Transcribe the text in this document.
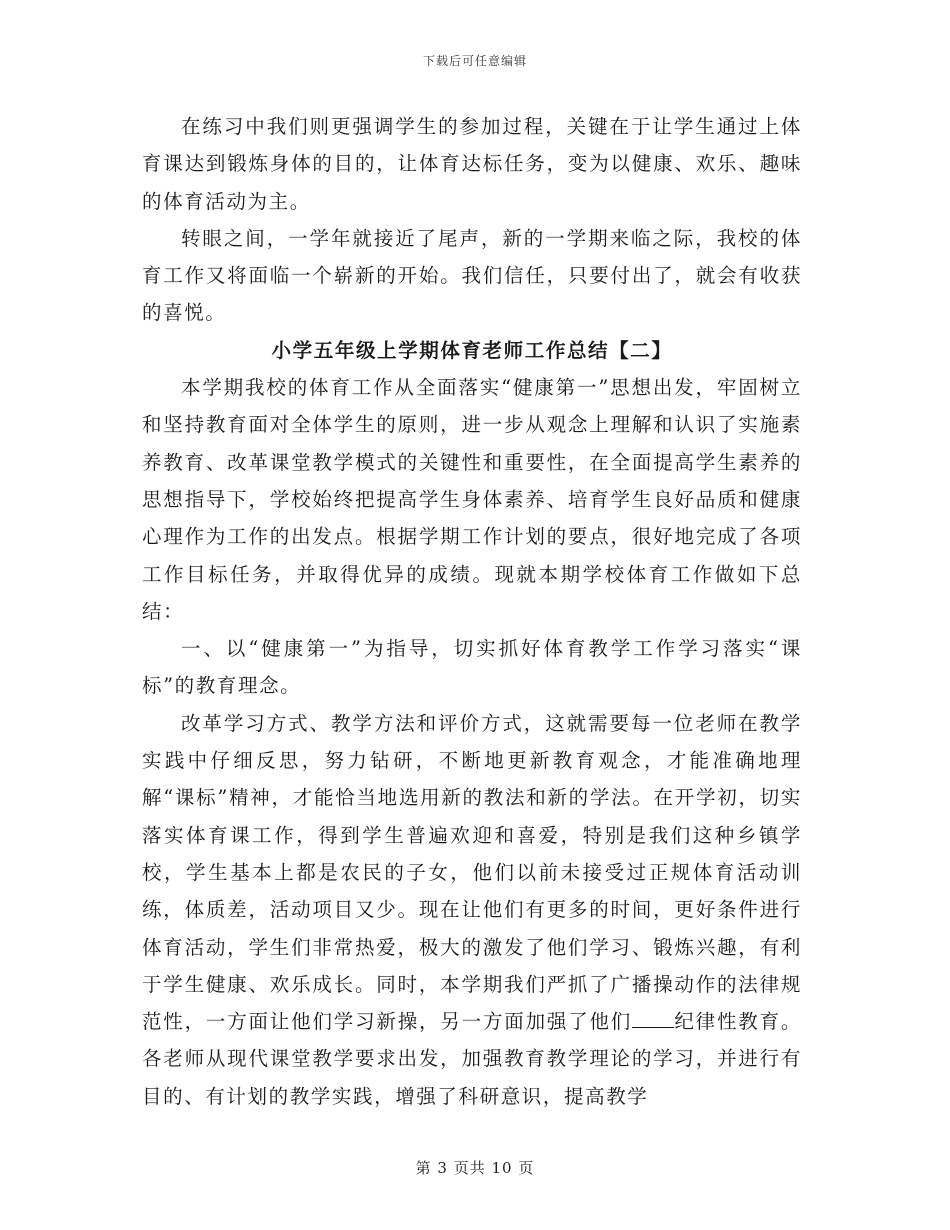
下载后可任意编辑

在练习中我们则更强调学生的参加过程，关键在于让学生通过上体育课达到锻炼身体的目的，让体育达标任务，变为以健康、欢乐、趣味的体育活动为主。

转眼之间，一学年就接近了尾声，新的一学期来临之际，我校的体育工作又将面临一个崭新的开始。我们信任，只要付出了，就会有收获的喜悦。

小学五年级上学期体育老师工作总结【二】

本学期我校的体育工作从全面落实“健康第一”思想出发，牢固树立和坚持教育面对全体学生的原则，进一步从观念上理解和认识了实施素养教育、改革课堂教学模式的关键性和重要性，在全面提高学生素养的思想指导下，学校始终把提高学生身体素养、培育学生良好品质和健康心理作为工作的出发点。根据学期工作计划的要点，很好地完成了各项工作目标任务，并取得优异的成绩。现就本期学校体育工作做如下总结：

一、以“健康第一”为指导，切实抓好体育教学工作学习落实“课标”的教育理念。

改革学习方式、教学方法和评价方式，这就需要每一位老师在教学实践中仔细反思，努力钻研，不断地更新教育观念，才能准确地理解“课标”精神，才能恰当地选用新的教法和新的学法。在开学初，切实落实体育课工作，得到学生普遍欢迎和喜爱，特别是我们这种乡镇学校，学生基本上都是农民的子女，他们以前未接受过正规体育活动训练，体质差，活动项目又少。现在让他们有更多的时间，更好条件进行体育活动，学生们非常热爱，极大的激发了他们学习、锻炼兴趣，有利于学生健康、欢乐成长。同时，本学期我们严抓了广播操动作的法律规范性，一方面让他们学习新操，另一方面加强了他们 纪律性教育。各老师从现代课堂教学要求出发，加强教育教学理论的学习，并进行有目的、有计划的教学实践，增强了科研意识，提高教学

第 3 页共 10 页
